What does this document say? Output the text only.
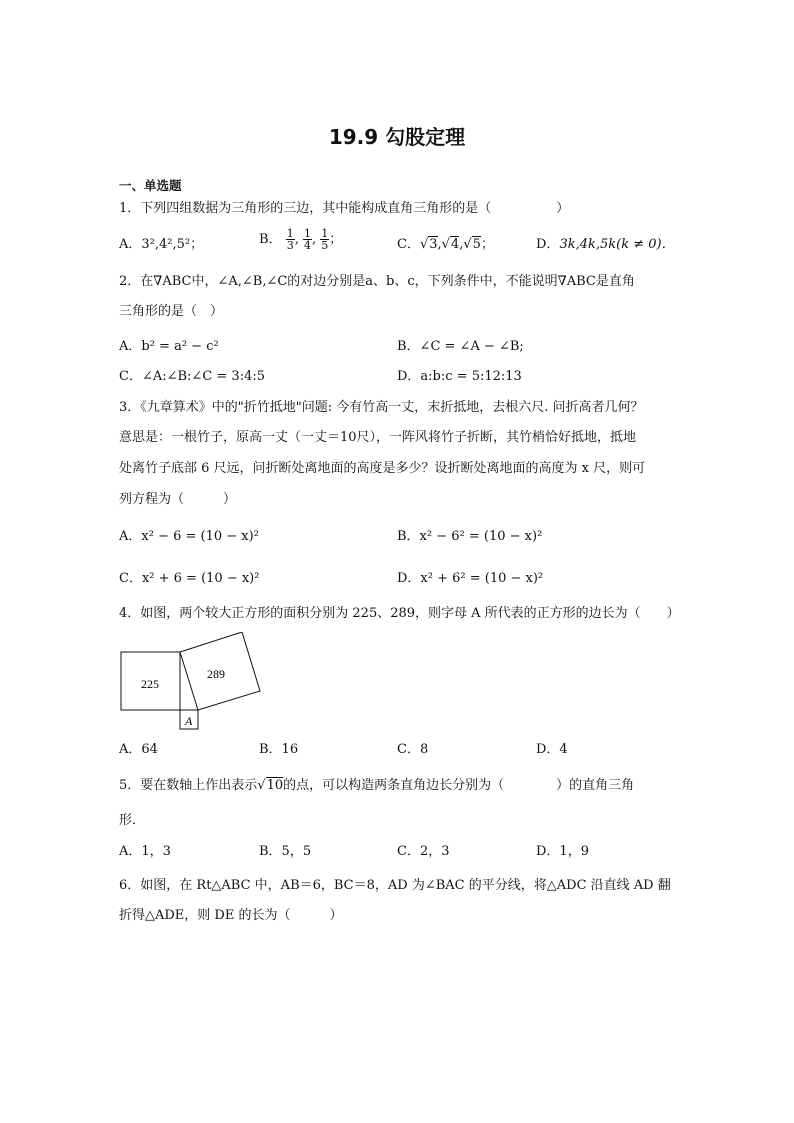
19.9 勾股定理
一、单选题
1．下列四组数据为三角形的三边，其中能构成直角三角形的是（　　　　　）
A．3²,4²,5²；	B． $\frac{1}{3}$ , $\frac{1}{4}$ , $\frac{1}{5}$ ；	C．√3,√4,√5；	D．3k,4k,5k(k ≠ 0)．
2．在∇ABC中，∠A,∠B,∠C的对边分别是a、b、c，下列条件中，不能说明∇ABC是直角
三角形的是（　）
A．b² = a² − c²	B．∠C = ∠A − ∠B;
C．∠A:∠B:∠C = 3:4:5	D．a:b:c = 5:12:13
3．《九章算术》中的"折竹抵地"问题: 今有竹高一丈，末折抵地，去根六尺. 问折高者几何？
意思是：一根竹子，原高一丈（一丈＝10尺），一阵风将竹子折断，其竹梢恰好抵地，抵地
处离竹子底部 6 尺远，问折断处离地面的高度是多少？设折断处离地面的高度为 x 尺，则可
列方程为（　　　）
A．x² − 6 = (10 − x)²	B．x² − 6² = (10 − x)²
C．x² + 6 = (10 − x)²	D．x² + 6² = (10 − x)²
4．如图，两个较大正方形的面积分别为 225、289，则字母 A 所代表的正方形的边长为（　　）
225
289
A
A．64	B．16	C．8	D．4
5．要在数轴上作出表示√10的点，可以构造两条直角边长分别为（　　　　）的直角三角
形．
A．1，3	B．5，5	C．2，3	D．1，9
6．如图，在 Rt△ABC 中，AB＝6，BC＝8，AD 为∠BAC 的平分线，将△ADC 沿直线 AD 翻
折得△ADE，则 DE 的长为（　　　）
